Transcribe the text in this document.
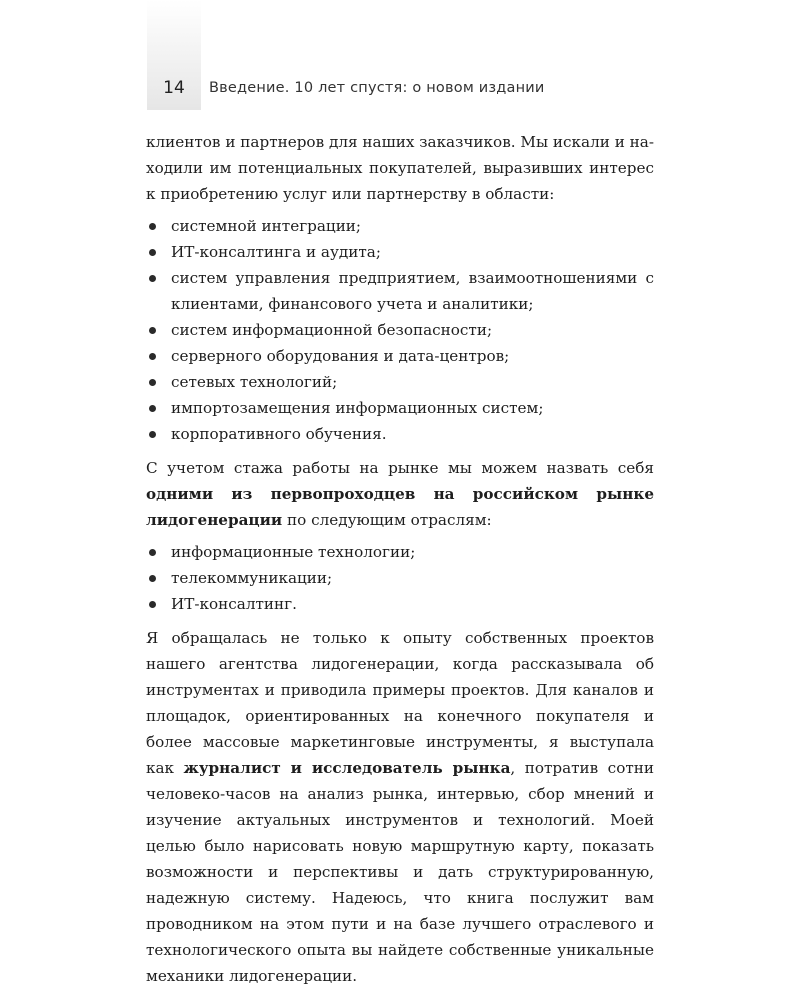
14	Введение. 10 лет спустя: о новом издании

клиентов и партнеров для наших заказчиков. Мы искали и находили им потенциальных покупателей, выразивших интерес к приобретению услуг или партнерству в области:

системной интеграции;
ИТ-консалтинга и аудита;
систем управления предприятием, взаимоотношениями с клиентами, финансового учета и аналитики;
систем информационной безопасности;
серверного оборудования и дата-центров;
сетевых технологий;
импортозамещения информационных систем;
корпоративного обучения.

С учетом стажа работы на рынке мы можем назвать себя одними из первопроходцев на российском рынке лидогенерации по следующим отраслям:

информационные технологии;
телекоммуникации;
ИТ-консалтинг.

Я обращалась не только к опыту собственных проектов нашего агентства лидогенерации, когда рассказывала об инструментах и приводила примеры проектов. Для каналов и площадок, ориентированных на конечного покупателя и более массовые маркетинговые инструменты, я выступала как журналист и исследователь рынка, потратив сотни человеко-часов на анализ рынка, интервью, сбор мнений и изучение актуальных инструментов и технологий. Моей целью было нарисовать новую маршрутную карту, показать возможности и перспективы и дать структурированную, надежную систему. Надеюсь, что книга послужит вам проводником на этом пути и на базе лучшего отраслевого и технологического опыта вы найдете собственные уникальные механики лидогенерации.
